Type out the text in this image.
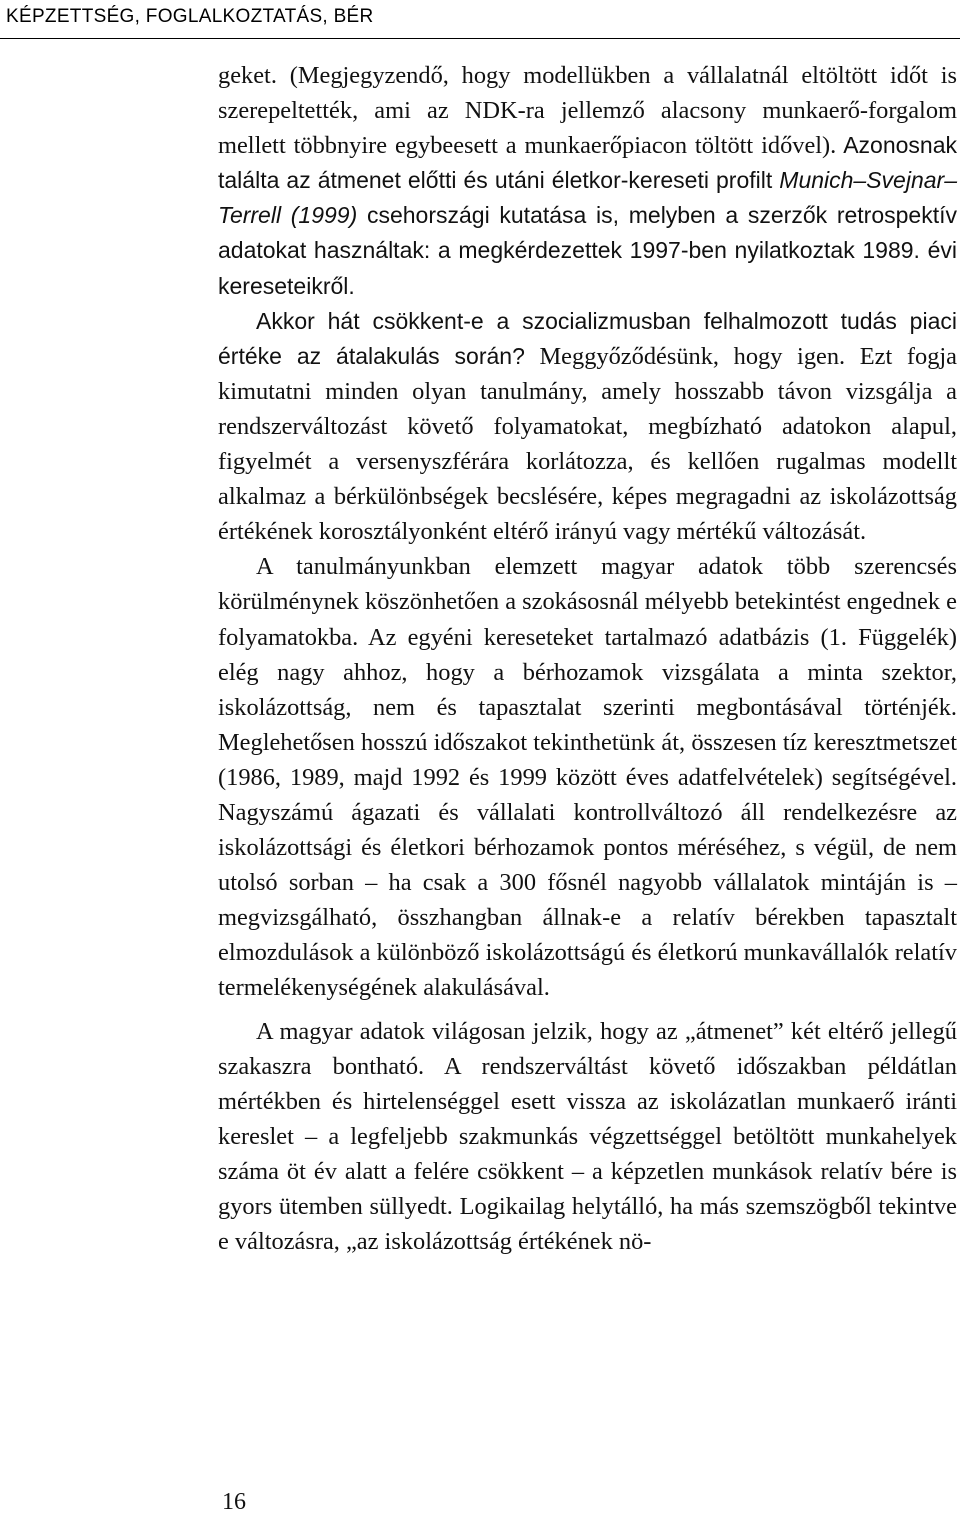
KÉPZETTSÉG, FOGLALKOZTATÁS, BÉR

geket. (Megjegyzendő, hogy modellükben a vállalatnál eltöltött időt is szerepeltették, ami az NDK-ra jellemző alacsony munkaerő-forgalom mellett többnyire egybeesett a munkaerőpiacon töltött idővel). Azonosnak találta az átmenet előtti és utáni életkor-kereseti profilt Munich–Svejnar–Terrell (1999) csehországi kutatása is, melyben a szerzők retrospektív adatokat használtak: a megkérdezettek 1997-ben nyilatkoztak 1989. évi kereseteikről.

Akkor hát csökkent-e a szocializmusban felhalmozott tudás piaci értéke az átalakulás során? Meggyőződésünk, hogy igen. Ezt fogja kimutatni minden olyan tanulmány, amely hosszabb távon vizsgálja a rendszerváltozást követő folyamatokat, megbízható adatokon alapul, figyelmét a versenyszférára korlátozza, és kellően rugalmas modellt alkalmaz a bérkülönbségek becslésére, képes megragadni az iskolázottság értékének korosztályonként eltérő irányú vagy mértékű változását.

A tanulmányunkban elemzett magyar adatok több szerencsés körülménynek köszönhetően a szokásosnál mélyebb betekintést engednek e folyamatokba. Az egyéni kereseteket tartalmazó adatbázis (1. Függelék) elég nagy ahhoz, hogy a bérhozamok vizsgálata a minta szektor, iskolázottság, nem és tapasztalat szerinti megbontásával történjék. Meglehetősen hosszú időszakot tekinthetünk át, összesen tíz keresztmetszet (1986, 1989, majd 1992 és 1999 között éves adatfelvételek) segítségével. Nagyszámú ágazati és vállalati kontrollváltozó áll rendelkezésre az iskolázottsági és életkori bérhozamok pontos méréséhez, s végül, de nem utolsó sorban – ha csak a 300 fősnél nagyobb vállalatok mintáján is – megvizsgálható, összhangban állnak-e a relatív bérekben tapasztalt elmozdulások a különböző iskolázottságú és életkorú munkavállalók relatív termelékenységének alakulásával.

A magyar adatok világosan jelzik, hogy az „átmenet” két eltérő jellegű szakaszra bontható. A rendszerváltást követő időszakban példátlan mértékben és hirtelenséggel esett vissza az iskolázatlan munkaerő iránti kereslet – a legfeljebb szakmunkás végzettséggel betöltött munkahelyek száma öt év alatt a felére csökkent – a képzetlen munkások relatív bére is gyors ütemben süllyedt. Logikailag helytálló, ha más szemszögből tekintve e változásra, „az iskolázottság értékének nö-

16
